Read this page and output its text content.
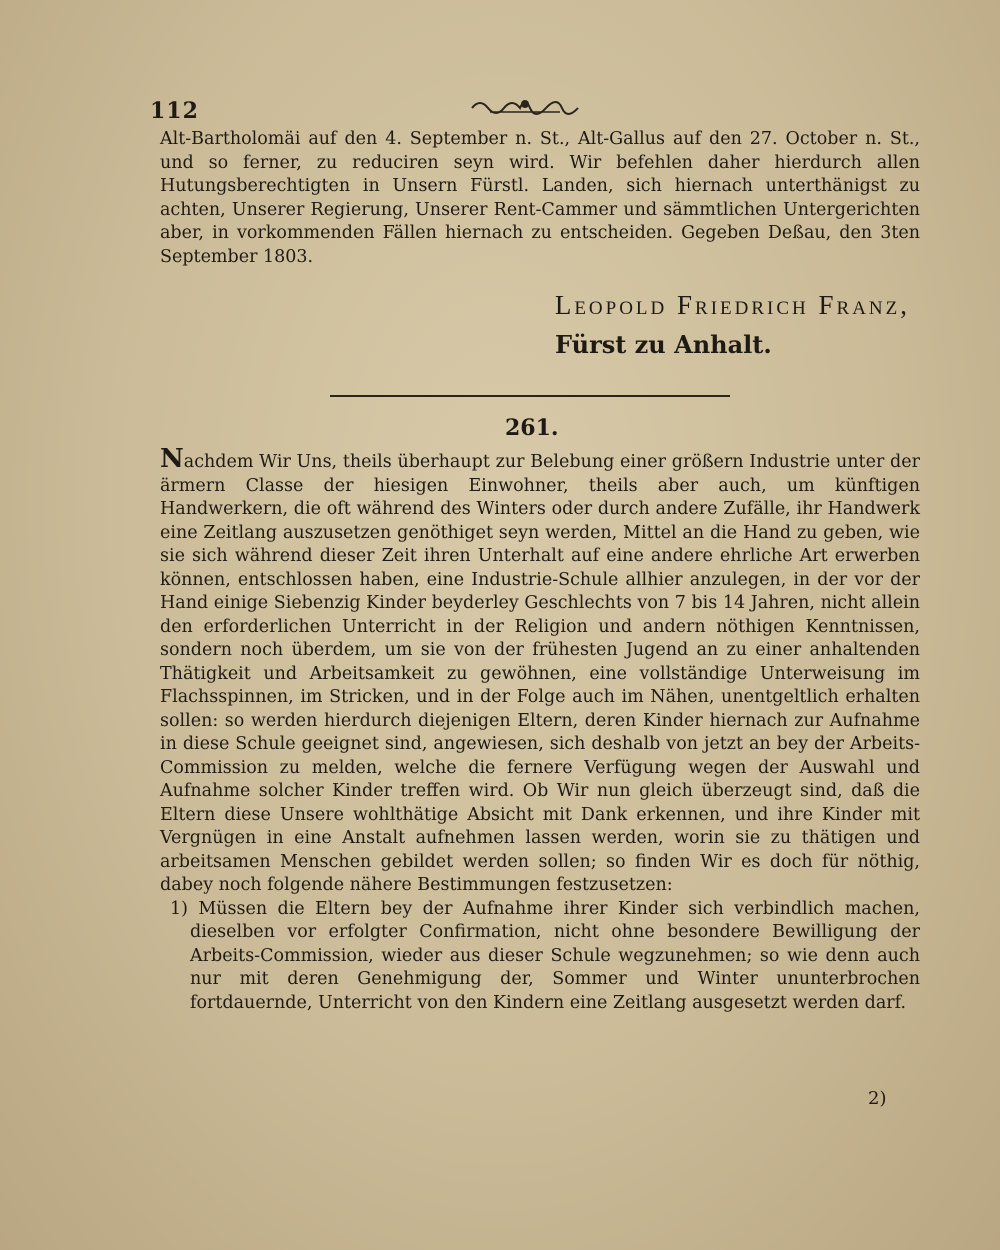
112

Alt-Bartholomäi auf den 4. September n. St., Alt-Gallus auf den 27. October n. St., und so ferner, zu reduciren seyn wird. Wir befehlen daher hierdurch allen Hutungsberechtigten in Unsern Fürstl. Landen, sich hiernach unterthänigst zu achten, Unserer Regierung, Unserer Rent-Cammer und sämmtlichen Untergerichten aber, in vorkommenden Fällen hiernach zu entscheiden. Gegeben Deßau, den 3ten September 1803.

Leopold Friedrich Franz,
Fürst zu Anhalt.
261.

Nachdem Wir Uns, theils überhaupt zur Belebung einer größern Industrie unter der ärmern Classe der hiesigen Einwohner, theils aber auch, um künftigen Handwerkern, die oft während des Winters oder durch andere Zufälle, ihr Handwerk eine Zeitlang auszusetzen genöthiget seyn werden, Mittel an die Hand zu geben, wie sie sich während dieser Zeit ihren Unterhalt auf eine andere ehrliche Art erwerben können, entschlossen haben, eine Industrie-Schule allhier anzulegen, in der vor der Hand einige Siebenzig Kinder beyderley Geschlechts von 7 bis 14 Jahren, nicht allein den erforderlichen Unterricht in der Religion und andern nöthigen Kenntnissen, sondern noch überdem, um sie von der frühesten Jugend an zu einer anhaltenden Thätigkeit und Arbeitsamkeit zu gewöhnen, eine vollständige Unterweisung im Flachsspinnen, im Stricken, und in der Folge auch im Nähen, unentgeltlich erhalten sollen: so werden hierdurch diejenigen Eltern, deren Kinder hiernach zur Aufnahme in diese Schule geeignet sind, angewiesen, sich deshalb von jetzt an bey der Arbeits-Commission zu melden, welche die fernere Verfügung wegen der Auswahl und Aufnahme solcher Kinder treffen wird. Ob Wir nun gleich überzeugt sind, daß die Eltern diese Unsere wohlthätige Absicht mit Dank erkennen, und ihre Kinder mit Vergnügen in eine Anstalt aufnehmen lassen werden, worin sie zu thätigen und arbeitsamen Menschen gebildet werden sollen; so finden Wir es doch für nöthig, dabey noch folgende nähere Bestimmungen festzusetzen:

1) Müssen die Eltern bey der Aufnahme ihrer Kinder sich verbindlich machen, dieselben vor erfolgter Confirmation, nicht ohne besondere Bewilligung der Arbeits-Commission, wieder aus dieser Schule wegzunehmen; so wie denn auch nur mit deren Genehmigung der, Sommer und Winter ununterbrochen fortdauernde, Unterricht von den Kindern eine Zeitlang ausgesetzt werden darf.

2)
